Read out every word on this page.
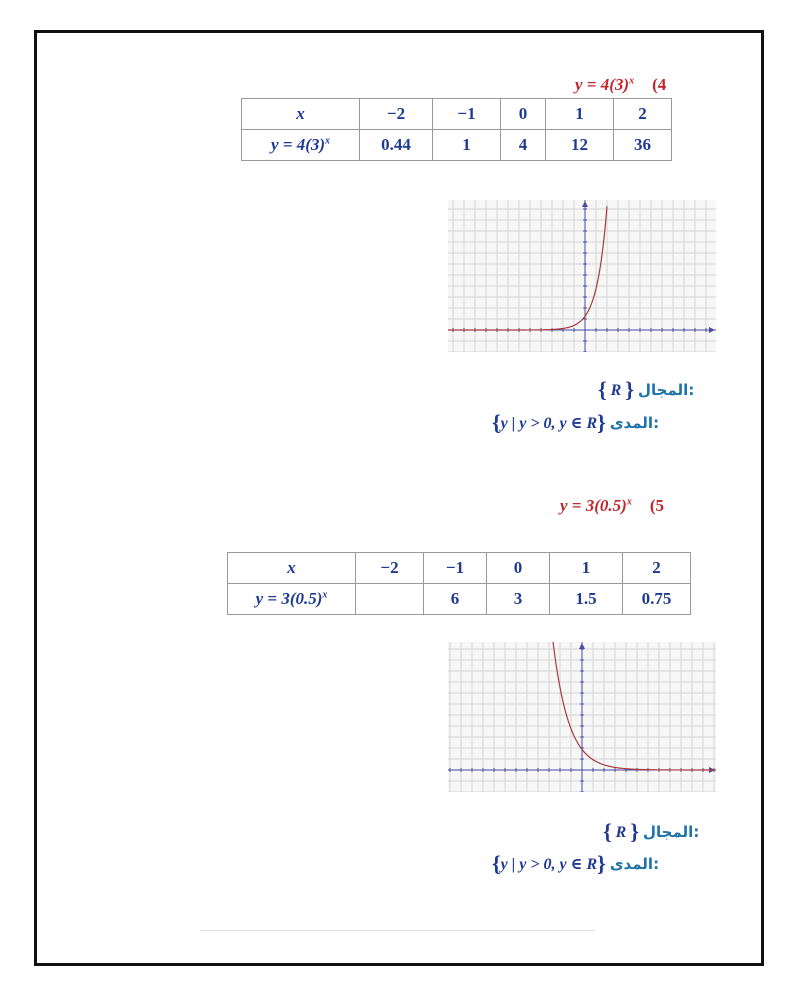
$y = 4(3)^x$ (4
x	−2	−1	0	1	2
$y = 4(3)^x$	0.44	1	4	12	36
{ R } المجال:
{y | y > 0, y ∈ R} المدى:
$y = 3(0.5)^x$ (5
x	−2	−1	0	1	2
$y = 3(0.5)^x$		6	3	1.5	0.75
{ R } المجال:
{y | y > 0, y ∈ R} المدى:
